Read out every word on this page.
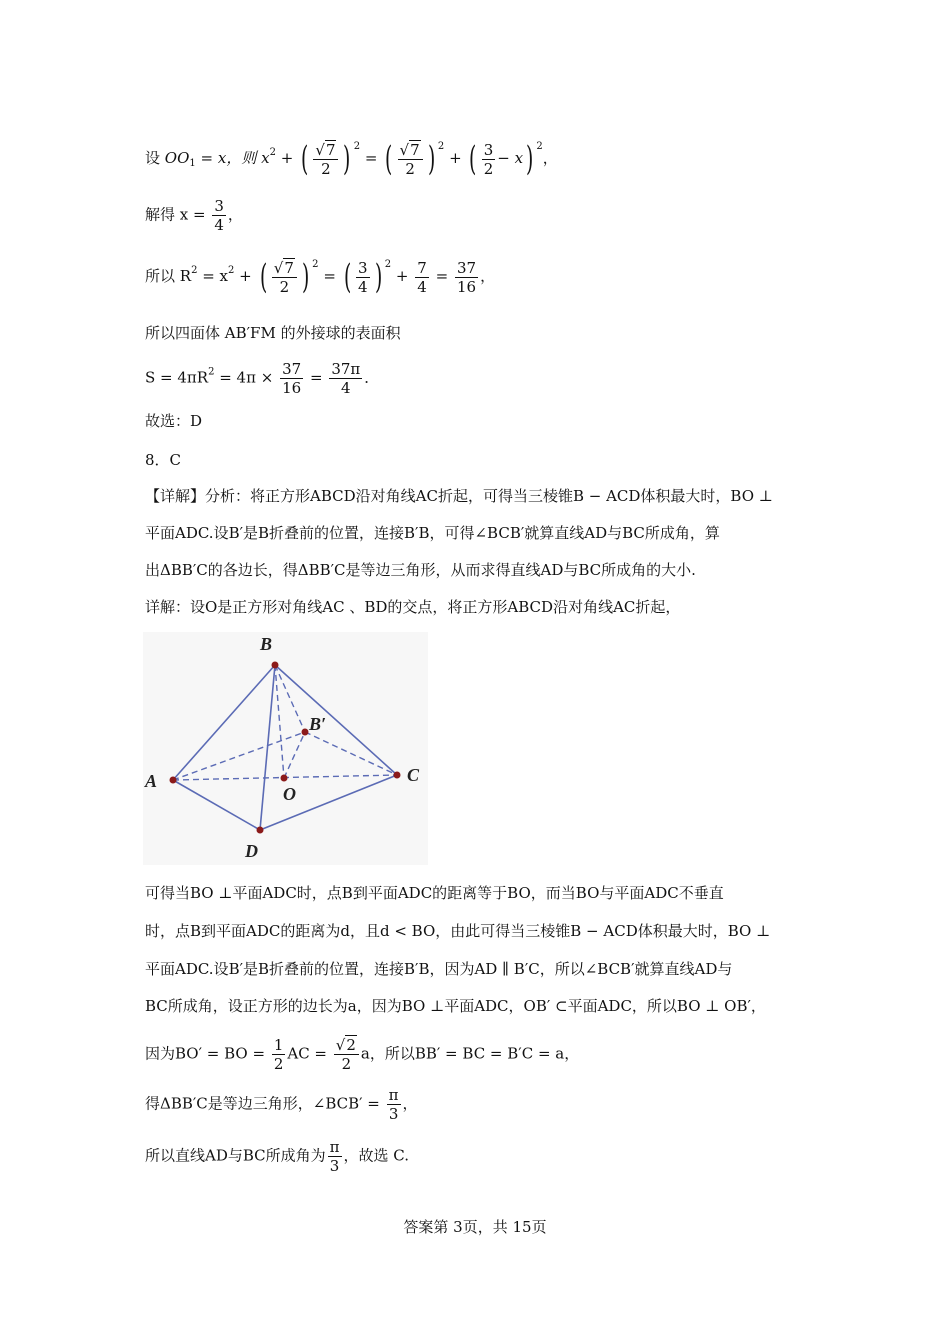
设 $OO_1 = x$，则 $x^2$ + ( $\frac{√7}{2}$ ) $^2$ = ( $\frac{√7}{2}$ ) $^2$ + ( $\frac{3}{2} - x$) $^2$，
解得 $x = \frac{3}{4}$ ，
所以 $R^2 = x^2$ + ( $\frac{√7}{2}$ ) $^2$ = ( $\frac{3}{4}$ ) $^2 + \frac{7}{4} = \frac{37}{16}$ ，
所以四面体 AB′FM 的外接球的表面积
$S = 4\pi R^2 = 4\pi \times \frac{37}{16} = \frac{37\pi}{4}$ ．
故选：D
8．C
【详解】分析：将正方形ABCD沿对角线AC折起，可得当三棱锥B − ACD体积最大时，BO ⊥
平面ADC.设B′是B折叠前的位置，连接B′B，可得∠BCB′就算直线AD与BC所成角，算
出ΔBB′C的各边长，得ΔBB′C是等边三角形，从而求得直线AD与BC所成角的大小.
详解：设O是正方形对角线AC 、BD的交点，将正方形ABCD沿对角线AC折起，
B
B′
A	C
O
D
可得当BO ⊥平面ADC时，点B到平面ADC的距离等于BO，而当BO与平面ADC不垂直
时，点B到平面ADC的距离为d，且d < BO，由此可得当三棱锥B − ACD体积最大时，BO ⊥
平面ADC.设B′是B折叠前的位置，连接B′B，因为AD ∥ B′C，所以∠BCB′就算直线AD与
BC所成角，设正方形的边长为a，因为BO ⊥平面ADC，OB′ ⊂平面ADC，所以BO ⊥ OB′，
因为BO′ = BO = $\frac{1}{2}$ AC = $\frac{√2}{2}$ a，所以BB′ = BC = B′C = a，
得ΔBB′C是等边三角形，∠BCB′ = $\frac{\pi}{3}$ ，
所以直线AD与BC所成角为 $\frac{\pi}{3}$ ，故选 C.
答案第 3页，共 15页
